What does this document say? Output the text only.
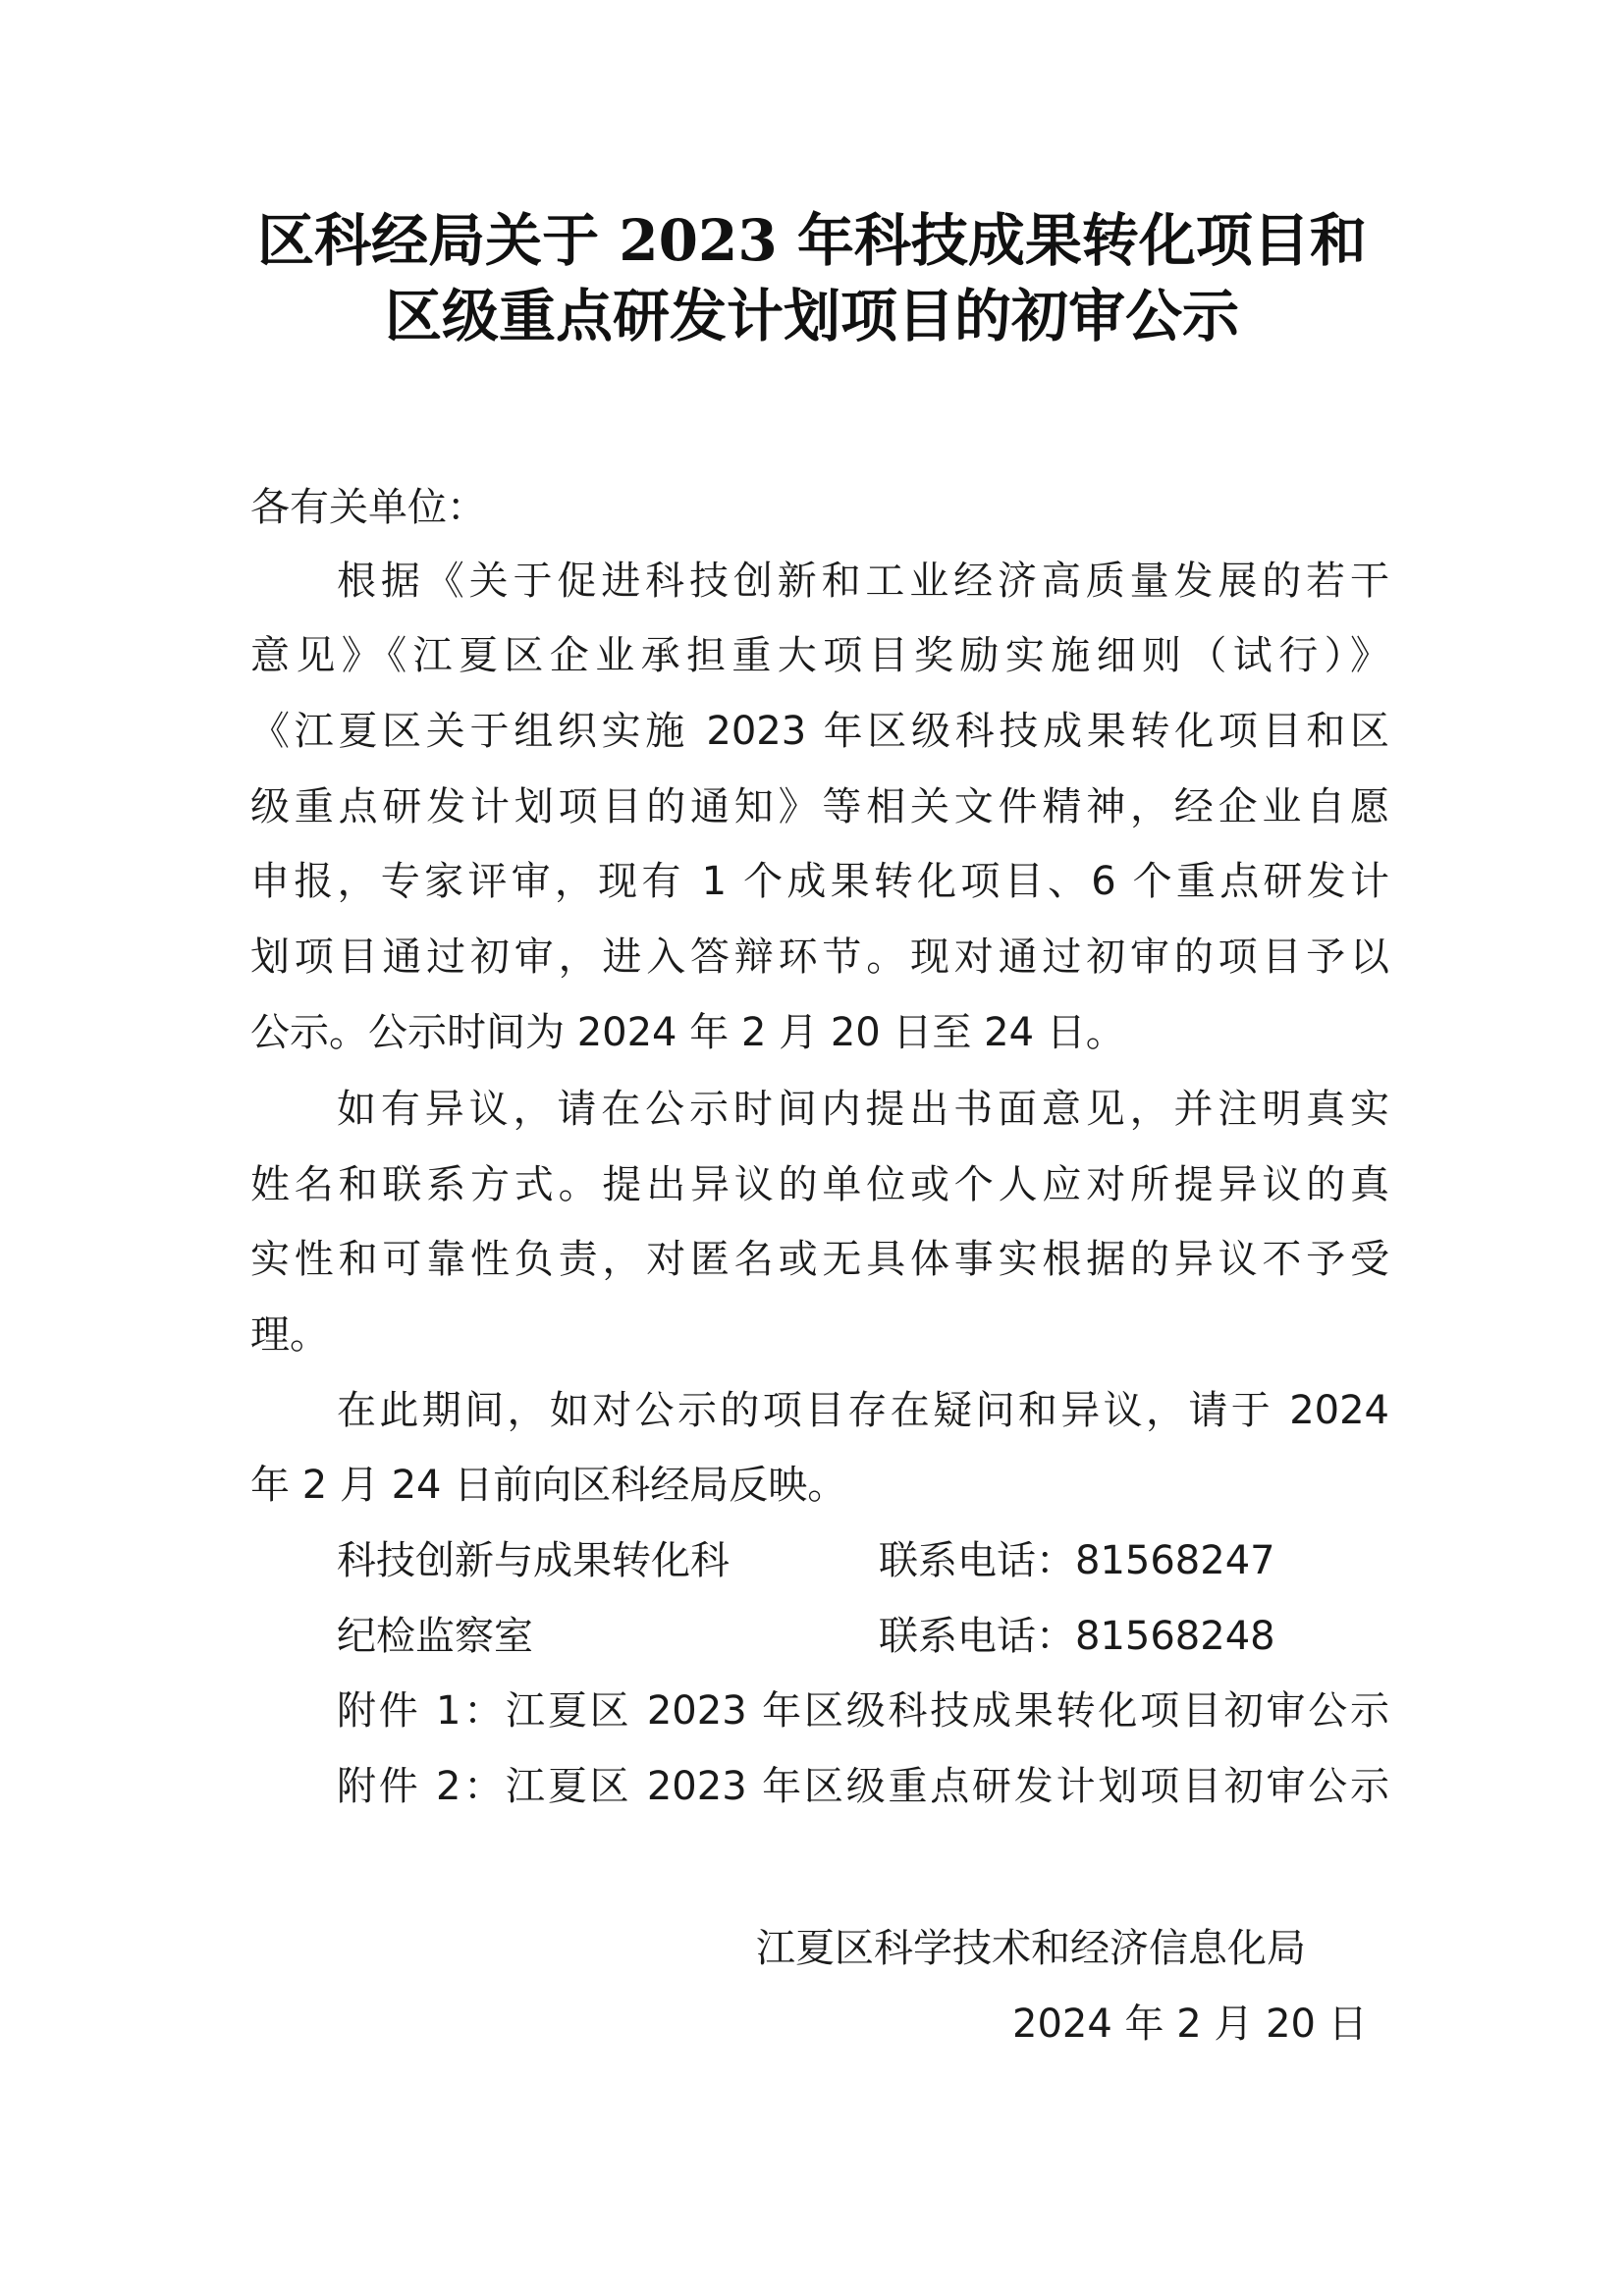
区科经局关于 2023 年科技成果转化项目和
区级重点研发计划项目的初审公示
各有关单位：
根据《关于促进科技创新和工业经济高质量发展的若干
意见》《江夏区企业承担重大项目奖励实施细则（试行）》
《江夏区关于组织实施 2023 年区级科技成果转化项目和区
级重点研发计划项目的通知》等相关文件精神，经企业自愿
申报，专家评审，现有 1 个成果转化项目、6 个重点研发计
划项目通过初审，进入答辩环节。现对通过初审的项目予以
公示。公示时间为 2024 年 2 月 20 日至 24 日。
如有异议，请在公示时间内提出书面意见，并注明真实
姓名和联系方式。提出异议的单位或个人应对所提异议的真
实性和可靠性负责，对匿名或无具体事实根据的异议不予受
理。
在此期间，如对公示的项目存在疑问和异议，请于 2024
年 2 月 24 日前向区科经局反映。
科技创新与成果转化科	联系电话：81568247
纪检监察室	联系电话：81568248
附件 1：江夏区 2023 年区级科技成果转化项目初审公示
附件 2：江夏区 2023 年区级重点研发计划项目初审公示
江夏区科学技术和经济信息化局
2024 年 2 月 20 日
